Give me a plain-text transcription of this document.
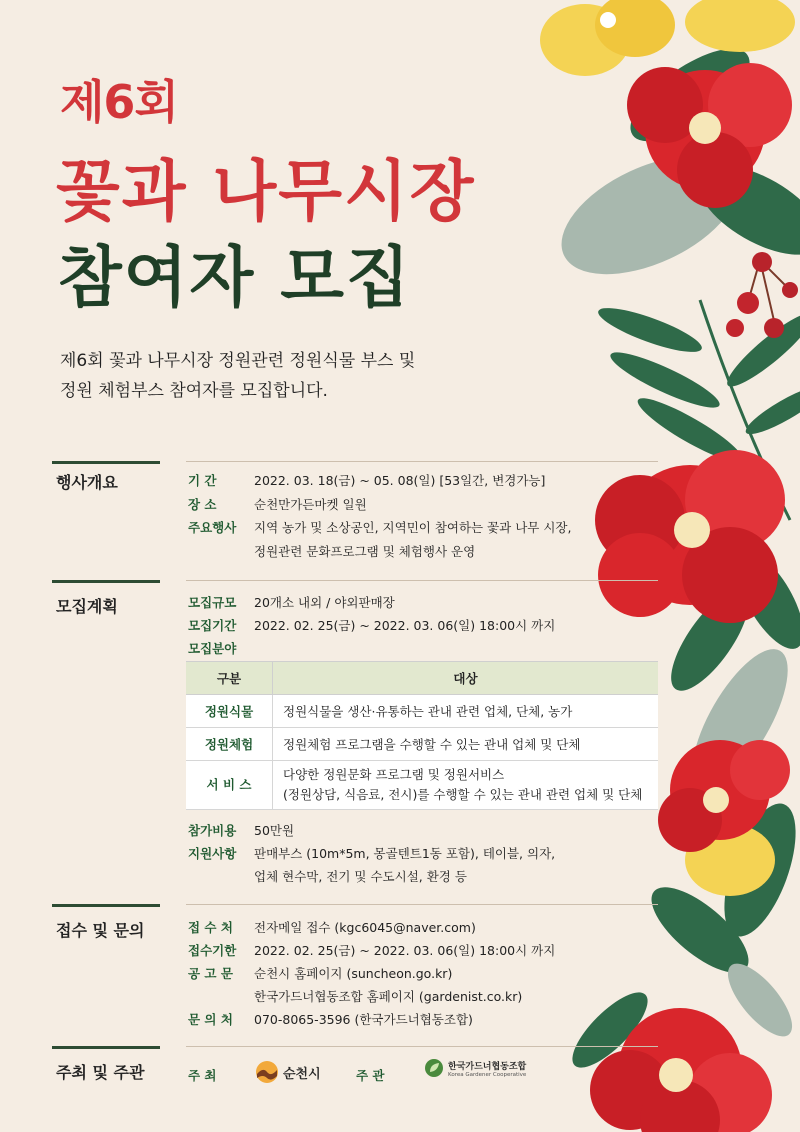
제6회
꽃과 나무시장
참여자 모집
제6회 꽃과 나무시장 정원관련 정원식물 부스 및
정원 체험부스 참여자를 모집합니다.
행사개요	기 간	2022. 03. 18(금) ~ 05. 08(일) [53일간, 변경가능]
장 소	순천만가든마켓 일원
주요행사 지역 농가 및 소상공인, 지역민이 참여하는 꽃과 나무 시장,
정원관련 문화프로그램 및 체험행사 운영
모집계획	모집규모 20개소 내외 / 야외판매장
모집기간 2022. 02. 25(금) ~ 2022. 03. 06(일) 18:00시 까지
모집분야
구분	대상
정원식물	정원식물을 생산·유통하는 관내 관련 업체, 단체, 농가
정원체험	정원체험 프로그램을 수행할 수 있는 관내 업체 및 단체
서 비 스	다양한 정원문화 프로그램 및 정원서비스
(정원상담, 식음료, 전시)를 수행할 수 있는 관내 관련 업체 및 단체
참가비용 50만원
지원사항 판매부스 (10m*5m, 몽골텐트1동 포함), 테이블, 의자,
업체 현수막, 전기 및 수도시설, 환경 등
접수 및 문의	접 수 처 전자메일 접수 (kgc6045@naver.com)
접수기한 2022. 02. 25(금) ~ 2022. 03. 06(일) 18:00시 까지
공 고 문 순천시 홈페이지 (suncheon.go.kr)
한국가드너협동조합 홈페이지 (gardenist.co.kr)
문 의 처 070-8065-3596 (한국가드너협동조합)
주최 및 주관	주 최	순천시	주 관
한국가드너협동조합
Korea Gardener Cooperative
